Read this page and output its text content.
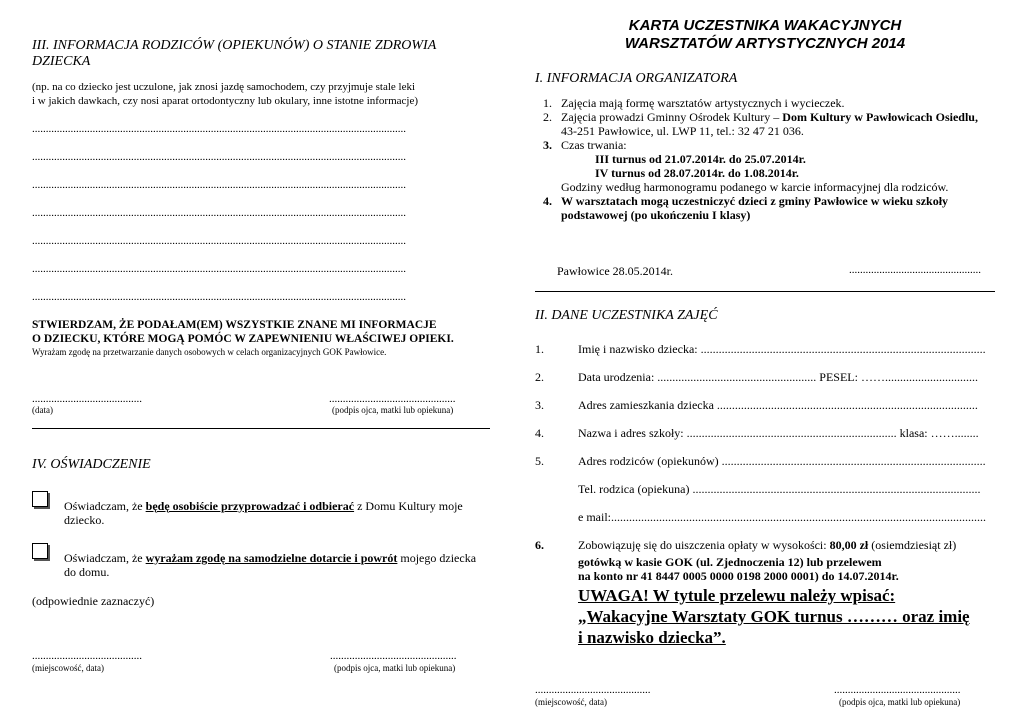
III. INFORMACJA RODZICÓW (OPIEKUNÓW) O STANIE ZDROWIA
DZIECKA
(np. na co dziecko jest uczulone, jak znosi jazdę samochodem, czy przyjmuje stale leki
i w jakich dawkach, czy nosi aparat ortodontyczny lub okulary, inne istotne informacje)
........................................................................................................................................
........................................................................................................................................
........................................................................................................................................
........................................................................................................................................
........................................................................................................................................
........................................................................................................................................
........................................................................................................................................
STWIERDZAM, ŻE PODAŁAM(EM) WSZYSTKIE ZNANE MI INFORMACJE
O DZIECKU, KTÓRE MOGĄ POMÓC W ZAPEWNIENIU WŁAŚCIWEJ OPIEKI.
Wyrażam zgodę na przetwarzanie danych osobowych w celach organizacyjnych GOK Pawłowice.
........................................	..............................................
(data)	(podpis ojca, matki lub opiekuna)
IV. OŚWIADCZENIE
Oświadczam, że będę osobiście przyprowadzać i odbierać z Domu Kultury moje
dziecko.
Oświadczam, że wyrażam zgodę na samodzielne dotarcie i powrót mojego dziecka
do domu.
(odpowiednie zaznaczyć)
........................................	..............................................
(miejscowość, data)	(podpis ojca, matki lub opiekuna)
KARTA UCZESTNIKA WAKACYJNYCH
WARSZTATÓW ARTYSTYCZNYCH 2014
I. INFORMACJA ORGANIZATORA
1. Zajęcia mają formę warsztatów artystycznych i wycieczek.
2. Zajęcia prowadzi Gminny Ośrodek Kultury – Dom Kultury w Pawłowicach Osiedlu,
43-251 Pawłowice, ul. LWP 11, tel.: 32 47 21 036.
3. Czas trwania:
III turnus od 21.07.2014r. do 25.07.2014r.
IV turnus od 28.07.2014r. do 1.08.2014r.
Godziny według harmonogramu podanego w karcie informacyjnej dla rodziców.
4. W warsztatach mogą uczestniczyć dzieci z gminy Pawłowice w wieku szkoły
podstawowej (po ukończeniu I klasy)
Pawłowice 28.05.2014r.	................................................
II. DANE UCZESTNIKA ZAJĘĆ
1.	Imię i nazwisko dziecka: ...............................................................................................
2.	Data urodzenia: ..................................................... PESEL: ……...............................
3.	Adres zamieszkania dziecka .......................................................................................
4.	Nazwa i adres szkoły: ...................................................................... klasa: ……........
5.	Adres rodziców (opiekunów) ........................................................................................
Tel. rodzica (opiekuna) ................................................................................................
e mail:.............................................................................................................................
6.	Zobowiązuję się do uiszczenia opłaty w wysokości: 80,00 zł (osiemdziesiąt zł)
gotówką w kasie GOK (ul. Zjednoczenia 12) lub przelewem
na konto nr 41 8447 0005 0000 0198 2000 0001) do 14.07.2014r.
UWAGA! W tytule przelewu należy wpisać:
„Wakacyjne Warsztaty GOK turnus ……… oraz imię
i nazwisko dziecka”.
..........................................	..............................................
(miejscowość, data)	(podpis ojca, matki lub opiekuna)
